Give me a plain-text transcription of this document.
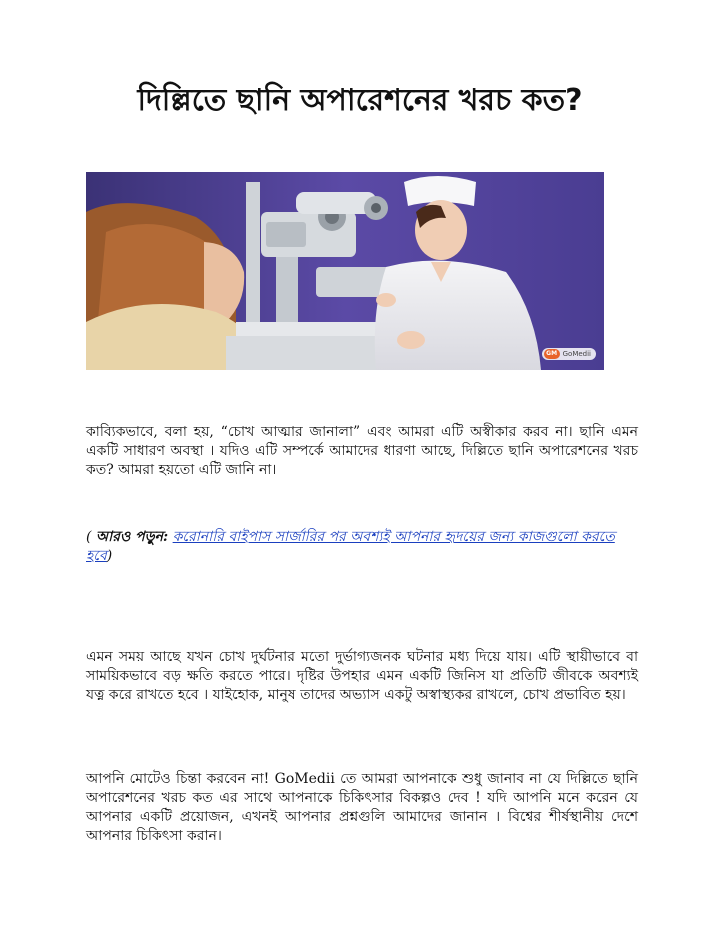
দিল্লিতে ছানি অপারেশনের খরচ কত?
GM GoMedii

কাব্যিকভাবে, বলা হয়, “চোখ আত্মার জানালা” এবং আমরা এটি অস্বীকার করব না। ছানি এমন একটি সাধারণ অবস্থা । যদিও এটি সম্পর্কে আমাদের ধারণা আছে, দিল্লিতে ছানি অপারেশনের খরচ কত? আমরা হয়তো এটি জানি না।

( আরও পড়ুন: করোনারি বাইপাস সার্জারির পর অবশ্যই আপনার হৃদয়ের জন্য কাজগুলো করতে হবে)

এমন সময় আছে যখন চোখ দুর্ঘটনার মতো দুর্ভাগ্যজনক ঘটনার মধ্য দিয়ে যায়। এটি স্থায়ীভাবে বা সাময়িকভাবে বড় ক্ষতি করতে পারে। দৃষ্টির উপহার এমন একটি জিনিস যা প্রতিটি জীবকে অবশ্যই যত্ন করে রাখতে হবে । যাইহোক, মানুষ তাদের অভ্যাস একটু অস্বাস্থ্যকর রাখলে, চোখ প্রভাবিত হয়।

আপনি মোটেও চিন্তা করবেন না! GoMedii তে আমরা আপনাকে শুধু জানাব না যে দিল্লিতে ছানি অপারেশনের খরচ কত এর সাথে আপনাকে চিকিৎসার বিকল্পও দেব ! যদি আপনি মনে করেন যে আপনার একটি প্রয়োজন, এখনই আপনার প্রশ্নগুলি আমাদের জানান । বিশ্বের শীর্ষস্থানীয় দেশে আপনার চিকিৎসা করান।
